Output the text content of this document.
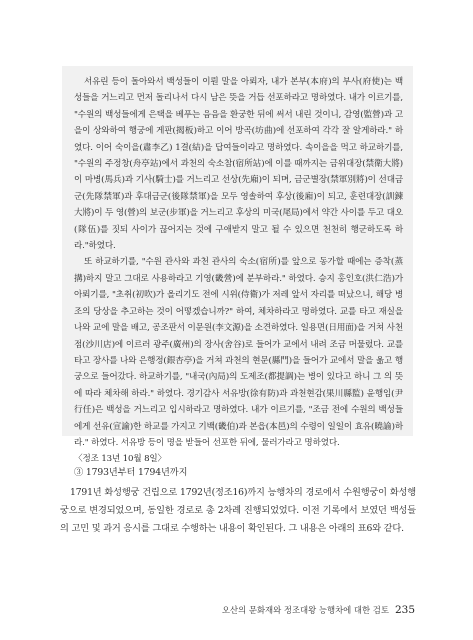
서유린 등이 돌아와서 백성들이 이뤈 말을 아뢰자, 내가 본부(本府)의 부사(府使)는 백성들을 거느리고 먼저 돌리나서 다시 남은 뜻을 거듭 선포하라고 명하였다. 내가 이르기를, "수원의 백성들에게 은택을 베푸는 음음을 환궁한 뒤에 써서 내린 것이니, 감영(監營)과 고을이 상와하여 행궁에 게판(揭板)하고 이어 방곡(坊曲)에 선포하여 각각 잘 알게하라." 하였다. 이어 숙이을(肅李乙) 1결(結)을 답여들이라고 명하였다. 속이을을 먹고 하교하기를, "수원의 주정창(舟亭站)에서 과천의 숙소참(宿所站)에 이를 때까지는 금위대장(禁衛大將)이 마병(馬兵)과 기사(騎士)를 거느리고 선상(先廂)이 되며, 금군별장(禁軍別將)이 선대금군(先隊禁軍)과 후대금군(後隊禁軍)을 모두 영솔하여 후상(後廂)이 되고, 훈련대장(訓鍊大將)이 두 영(營)의 보군(步軍)을 거느리고 후상의 미국(尾局)에서 약간 사이를 두고 대오(隊伍)를 짓되 사이가 끊어지는 것에 구애받지 말고 될 수 있으면 천천히 행군하도록 하라."하였다.

또 하교하기를, "수원 관사와 과천 관사의 숙소(宿所)를 앞으로 동가할 때에는 증착(蒸搆)하지 말고 그대로 사용하라고 기영(畿營)에 분부하라." 하였다. 승지 홍인호(洪仁浩)가 아뢰기를, "초취(初吹)가 올리기도 전에 시위(侍衛)가 저레 앞서 자리를 떠났으니, 해당 병조의 당상을 추고하는 것이 어떻겠습니까?" 하여, 체차하라고 명하였다. 교를 타고 재실을 나와 교에 말을 배고, 공조판서 이문원(李文源)을 소견하였다. 일용면(日用面)을 거쳐 사천점(沙川店)에 이르러 광주(廣州)의 장사(舍谷)로 들어가 교에서 내려 조금 머물렀다. 교를 타고 장사를 나와 은행정(銀杏亭)을 거쳐 과천의 현문(縣門)을 들어가 교에서 말을 옮고 행궁으로 들어갔다. 하교하기를, "내국(內局)의 도제조(都提調)는 병이 있다고 하니 그 의 뜻에 따라 체차해 하라." 하였다. 경기감사 서유방(徐有防)과 과천현감(果川縣監) 윤행임(尹行任)은 백성을 거느리고 입시하라고 명하였다. 내가 이르기를, "조금 전에 수원의 백성들에게 선유(宣諭)한 하교를 가지고 기백(畿伯)과 본읍(本邑)의 수령이 일일이 효유(曉諭)하라." 하였다. 서유방 등이 명을 받들어 선포한 뒤에, 물러가라고 명하였다.

〈정조 13년 10월 8일〉

③ 1793년부터 1794년까지

1791년 화성행궁 건립으로 1792년(정조16)까지 능행차의 경로에서 수원행궁이 화성행궁으로 변경되었으며, 동일한 경로로 총 2차례 진행되었었다. 이전 기록에서 보였던 백성들의 고민 및 과거 응시를 그대로 수행하는 내용이 확인된다. 그 내용은 아래의 표6와 같다.

오산의 문화재와 정조대왕 능행차에 대한 검토 235
